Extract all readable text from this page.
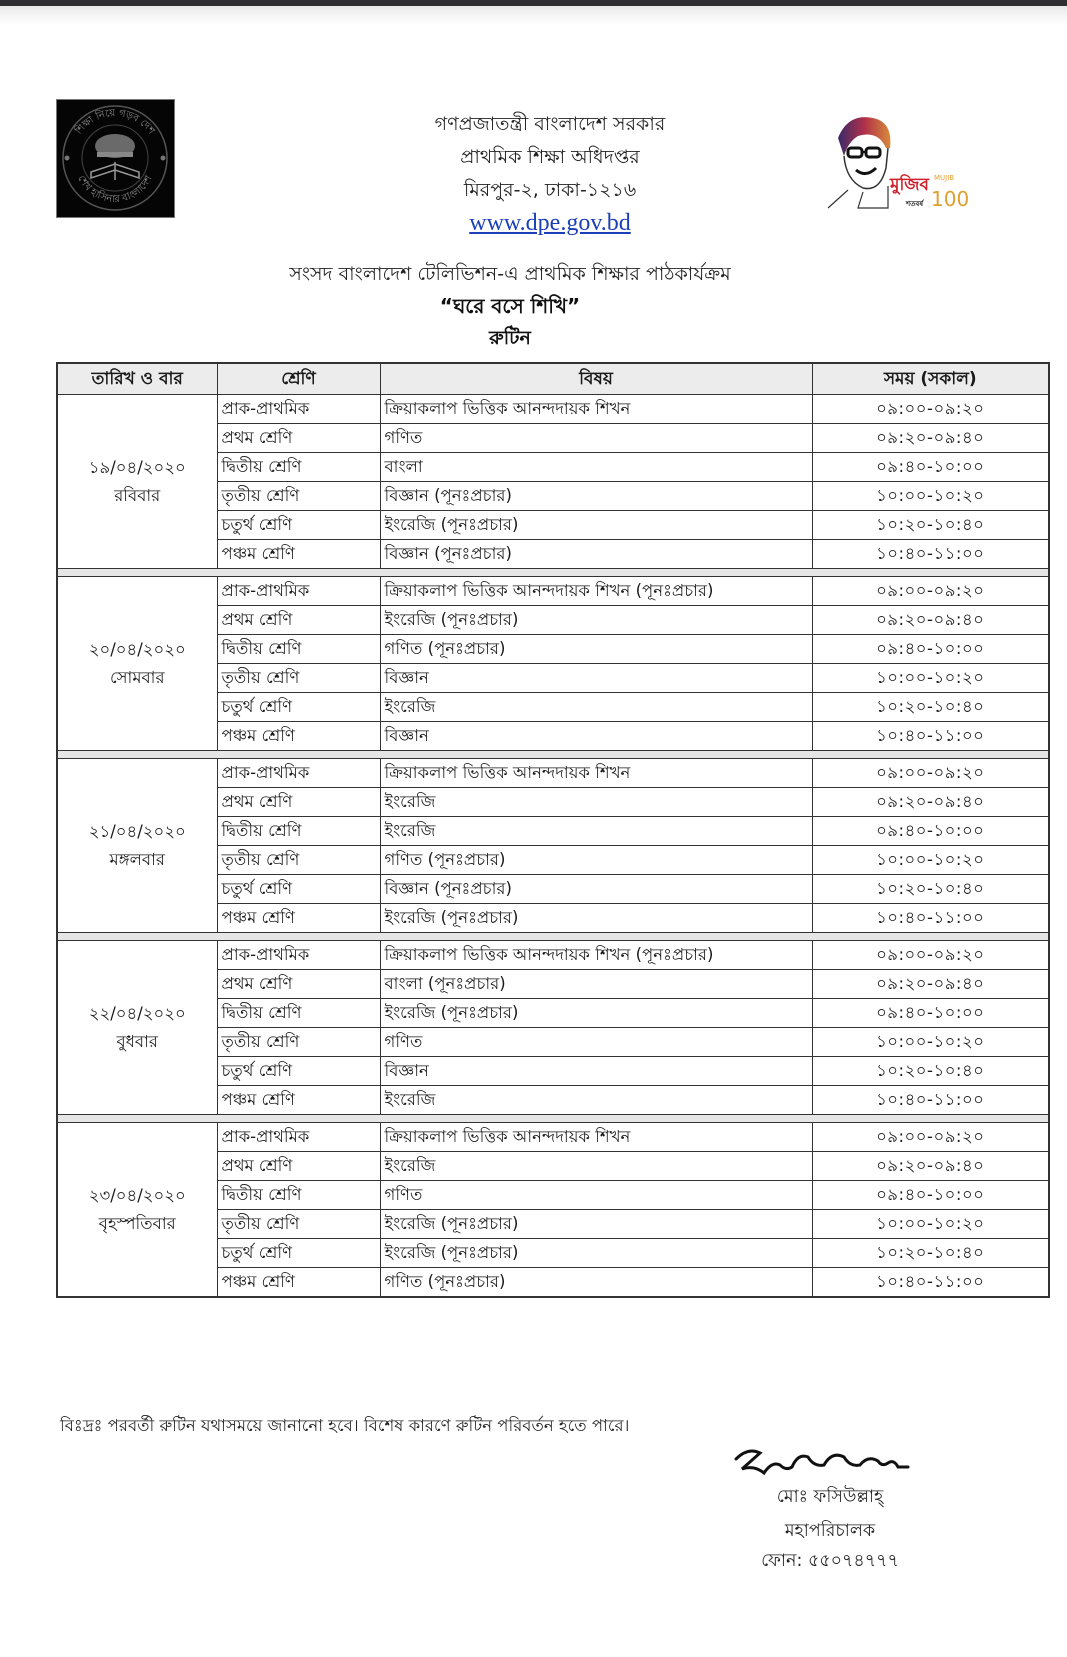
শিক্ষা নিয়ে গড়ব দেশ
শেখ হাসিনার বাংলাদেশ
গণপ্রজাতন্ত্রী বাংলাদেশ সরকার
প্রাথমিক শিক্ষা অধিদপ্তর
মিরপুর-২, ঢাকা-১২১৬
www.dpe.gov.bd
মুজিব
শতবর্ষ
MUJIB
100
সংসদ বাংলাদেশ টেলিভিশন-এ প্রাথমিক শিক্ষার পাঠকার্যক্রম
“ঘরে বসে শিখি”
রুটিন
তারিখ ও বার	শ্রেণি	বিষয়	সময় (সকাল)

১৯/০৪/২০২০
রবিবার	প্রাক-প্রাথমিক	ক্রিয়াকলাপ ভিত্তিক আনন্দদায়ক শিখন	০৯:০০-০৯:২০
	প্রথম শ্রেণি	গণিত	০৯:২০-০৯:৪০
	দ্বিতীয় শ্রেণি	বাংলা	০৯:৪০-১০:০০
	তৃতীয় শ্রেণি	বিজ্ঞান (পূনঃপ্রচার)	১০:০০-১০:২০
	চতুর্থ শ্রেণি	ইংরেজি (পূনঃপ্রচার)	১০:২০-১০:৪০
	পঞ্চম শ্রেণি	বিজ্ঞান (পূনঃপ্রচার)	১০:৪০-১১:০০

২০/০৪/২০২০
সোমবার	প্রাক-প্রাথমিক	ক্রিয়াকলাপ ভিত্তিক আনন্দদায়ক শিখন (পূনঃপ্রচার)	০৯:০০-০৯:২০
	প্রথম শ্রেণি	ইংরেজি (পূনঃপ্রচার)	০৯:২০-০৯:৪০
	দ্বিতীয় শ্রেণি	গণিত (পূনঃপ্রচার)	০৯:৪০-১০:০০
	তৃতীয় শ্রেণি	বিজ্ঞান	১০:০০-১০:২০
	চতুর্থ শ্রেণি	ইংরেজি	১০:২০-১০:৪০
	পঞ্চম শ্রেণি	বিজ্ঞান	১০:৪০-১১:০০

২১/০৪/২০২০
মঙ্গলবার	প্রাক-প্রাথমিক	ক্রিয়াকলাপ ভিত্তিক আনন্দদায়ক শিখন	০৯:০০-০৯:২০
	প্রথম শ্রেণি	ইংরেজি	০৯:২০-০৯:৪০
	দ্বিতীয় শ্রেণি	ইংরেজি	০৯:৪০-১০:০০
	তৃতীয় শ্রেণি	গণিত (পূনঃপ্রচার)	১০:০০-১০:২০
	চতুর্থ শ্রেণি	বিজ্ঞান (পূনঃপ্রচার)	১০:২০-১০:৪০
	পঞ্চম শ্রেণি	ইংরেজি (পূনঃপ্রচার)	১০:৪০-১১:০০

২২/০৪/২০২০
বুধবার	প্রাক-প্রাথমিক	ক্রিয়াকলাপ ভিত্তিক আনন্দদায়ক শিখন (পূনঃপ্রচার)	০৯:০০-০৯:২০
	প্রথম শ্রেণি	বাংলা (পূনঃপ্রচার)	০৯:২০-০৯:৪০
	দ্বিতীয় শ্রেণি	ইংরেজি (পূনঃপ্রচার)	০৯:৪০-১০:০০
	তৃতীয় শ্রেণি	গণিত	১০:০০-১০:২০
	চতুর্থ শ্রেণি	বিজ্ঞান	১০:২০-১০:৪০
	পঞ্চম শ্রেণি	ইংরেজি	১০:৪০-১১:০০

২৩/০৪/২০২০
বৃহস্পতিবার	প্রাক-প্রাথমিক	ক্রিয়াকলাপ ভিত্তিক আনন্দদায়ক শিখন	০৯:০০-০৯:২০
	প্রথম শ্রেণি	ইংরেজি	০৯:২০-০৯:৪০
	দ্বিতীয় শ্রেণি	গণিত	০৯:৪০-১০:০০
	তৃতীয় শ্রেণি	ইংরেজি (পূনঃপ্রচার)	১০:০০-১০:২০
	চতুর্থ শ্রেণি	ইংরেজি (পূনঃপ্রচার)	১০:২০-১০:৪০
	পঞ্চম শ্রেণি	গণিত (পূনঃপ্রচার)	১০:৪০-১১:০০
বিঃদ্রঃ পরবর্তী রুটিন যথাসময়ে জানানো হবে। বিশেষ কারণে রুটিন পরিবর্তন হতে পারে।
মোঃ ফসিউল্লাহ্
মহাপরিচালক
ফোন: ৫৫০৭৪৭৭৭
